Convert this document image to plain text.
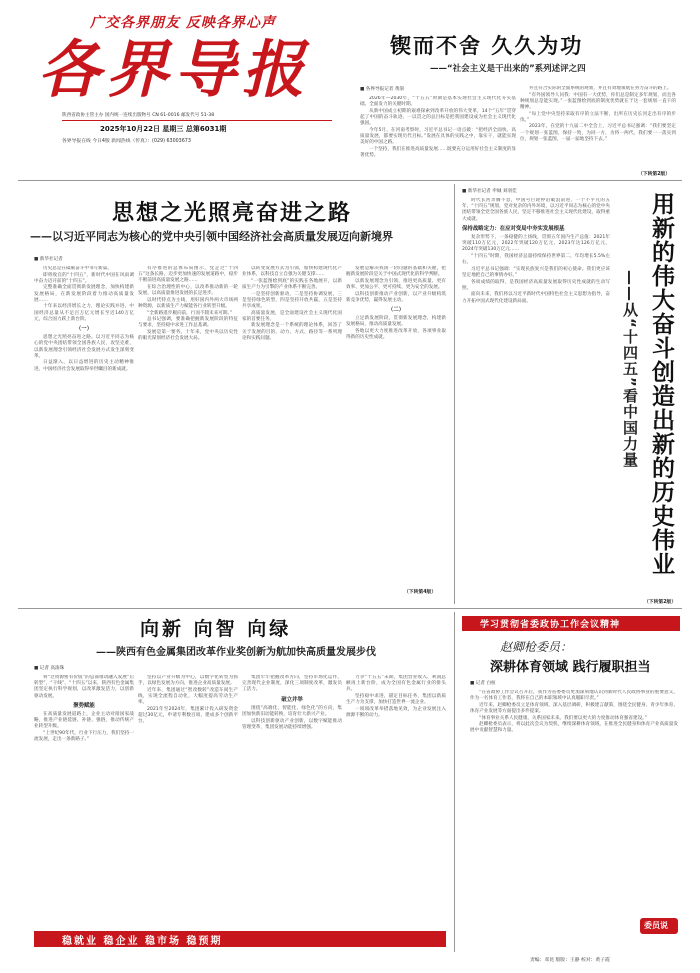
广交各界朋友 反映各界心声
各界导报
陕西省政协主管主办 国内统一连续出版物号 CN 61-0016 邮发代号 51-38
2025年10月22日 星期三 总第6031期
各界导报在线 今日4版 新闻热线（传真）：(029) 63003673
锲而不舍 久久为功
——“社会主义是干出来的”系列述评之四
■ 各界导报记者 黄崩

2026年—2030年，“十五五”时期是基本实现社会主义现代化夯实基础、全面发力的关键时期。

从新中国成立初期的艰难探索到改革开放的伟大变革，14个“五年”贯穿起了中国的奋斗轨迹，一以贯之的总目标是把我国建设成为社会主义现代化强国。

今年5月，在河南考察时，习近平总书记一语点破：“把经济全面快、高质量发展，都要实现历代目标。”发展在具体的实践之中，靠实干，就能实现美好的中国之路。

一个坚持，我们在推进高质量发展……既要充分运用好社会主义制度的显著优势。

并且符合实际的全面系统的规划，并且有效地领航在努力奋斗的路上。

“有外国领导人问我：中国有一大优势，你们总是制定多年规划，而且各种规划总是能实现。”一张蓝图绘到底的制度优势就在于这一套规划一直干的精神。

“每上党中央坚持采取有序的立法不断，出所在历史长河走出有序的步伐。”

2023年，在党的十九届二中全会上，习近平总书记强调：“我们要坚定一个规划一张蓝图，保持一致，为同一方，为将一两代，我们要一一落实到位，规划一张蓝图，一届一届地坚持下去。”

（下转第2版）
思想之光照亮奋进之路
——以习近平同志为核心的党中央引领中国经济社会高质量发展迈向新境界
■ 新华社记者

历史总是在砥砺奋斗中书写新篇。

即将收官的“十四五”，新时代中国在风雨调中奋力迈开前的“十四五”。

完整准确全面贯彻新发展理念，加快构建新发展格局，在新发展阶段着力推动高质量发展……

十年来以经济增长之力，理论实践并进，中国经济总量从不足百万亿元增长至近140万亿元，综合国力跃上新台阶。

（一）

思想之光照亮奋进之路。以习近平同志为核心的党中央团结带领全国各族人民，攻坚克难，以新发展理念引领经济社会发展方式发生深刻变革。

日益渐入，以日益增进的历史主动精神推进，中国经济社会发展取得举世瞩目的新成就。

有序推进的总体布局图示，党走过“十四五”这条长路，迈步更加快速的发展道路中，稳步不断前进高质量发展之路……

在综合治理性的中心，以改革推动新的一轮发展，以高质量推进发展的长足进步。

以时代特点为主线，用好国内外两大市场两种资源，以新质生产力赋能各行业转型升级。

“全新路遥步履向前，行而不辍未来可期。”

总书记强调，要准确把握新发展阶段的特征与要求，坚持稳中求进工作总基调。

发展是第一要务。十年来，党中央以历史性的眼光谋划经济社会发展大局。

以转变发展方式为引领，加快构建现代化产业体系，以科技自立自强为关键支撑……

“一张蓝图绘到底”的实践在各地展开，以新质生产力为引擎的产业体系不断完善。

一是坚持创新驱动，二是坚持协调发展，三是坚持绿色转型，四是坚持开放共赢，五是坚持共享成果。

高质量发展，是全面建设社会主义现代化国家的首要任务。

新发展理念是一个系统的理论体系，回答了关于发展的目的、动力、方式、路径等一系列理论和实践问题。

发展是解决我国一切问题的基础和关键，把握新发展阶段是关于中国式现代化的科学判断。

以新发展理念为引领，推进更高质量、更有效率、更加公平、更可持续、更为安全的发展。

以科技创新推动产业创新，以产业升级构筑新竞争优势，赢得发展主动。

（二）

立足新发展阶段，贯彻新发展理念，构建新发展格局，推动高质量发展。

各地以更大力度推进改革开放，各项事业取得新的历史性成就。

（下转第4版）
■ 新华社记者 申铖 刘羽佳

时代长河奔腾不息，中国号巨轮停泊破浪前进，一个不平凡的五年，“十四五”规划，党对复杂的内外环境，以习近平同志为核心的党中央团结带领全党全国各族人民，坚定不移推进社会主义现代化建设，取得重大成就。

保持战略定力：在应对变局中夯实发展根基

复杂形势下，一条稳健的上扬线，贯彻五年国内生产总值：2021年突破110万亿元，2022年突破120万亿元，2023年达126万亿元，2024年突破130万亿元……

“十四五”时期，我国经济总量持续保持世界第二，年均增长5.5%左右。

习近平总书记强调：“实现民族复兴是我们的初心使命。我们更应该坚定地把自己的事情办好。”

各项成绩的取得，是我国经济高质量发展取得历史性成就的生动写照。

面向未来，我们将以习近平新时代中国特色社会主义思想为指导，奋力开拓中国式现代化建设新局面。	用新的伟大奋斗创造出新的历史伟业
——从“十四五”看中国力量
（下转第2版）
向新 向智 向绿
——陕西有色金属集团改革作业奖创新为航加快高质量发展步伐
■ 记者 高浚珠

将“过资源密有价值”的总部推动融入发展“后转型”，“干线”，“十四五”以来，陕西有色金属集团坚定执行科学规划，以改革激发活力，以创新驱动发展。

聚势赋能

在高质量发展道路上，企业主动对接国家战略，推进产业链延链、补链、强链，推动传统产业转型升级。

“上世纪90年代，行业下行压力，我们坚持一流发展，走出一条新路子。”

坚持以产业升级为中心，以数字化转型为抓手，以绿色发展为方向，推进企业高质量发展。

近年来，集团通过“智改数转”改造车间生产线，实现全流程自动化，大幅度提高劳动生产率。

2021年至2024年，集团累计投入研发资金超过30亿元，申请专利数百项，建成多个创新平台。

集团牢牢把握改革方向，坚持市场化运作，完善现代企业制度，深化三项制度改革，激发员工活力。

破立并举

围绕“高端化、智能化、绿色化”的方向，集团加快新旧动能转换，培育壮大新兴产业。

以科技创新驱动产业创新，以数字赋能推动管理变革，集团发展动能持续增强。

力争“十五五”末期，集团营业收入、利润总额再上新台阶，成为全国有色金属行业的排头兵。

坚持稳中求进，锚定目标任务，集团以新质生产力为支撑，加快打造世界一流企业。

一项项改革举措落地见效，为企业发展注入源源不断的动力。

稳就业 稳企业 稳市场 稳预期
学习贯彻省委政协工作会议精神
赵卿枪委员：
深耕体育领域 践行履职担当
■ 记者 白桓

“在省政协工作会议召开后，我作为省委委员更加深刻地认识到新时代人民政协事业的重要意义，作为一名体育工作者，我将在自己的本职领域中认真履职尽责。”

近年来，赵卿枪委员立足体育领域，深入基层调研，积极建言献策，围绕全民健身、青少年体育、体育产业发展等方面提出多件提案。

“体育事业关系人民健康，关系国家未来。我们要以更大的力度推动体育强省建设。”

赵卿枪委员表示，将以此次会议为契机，继续深耕体育领域，在推进全民健身和体育产业高质量发展中贡献智慧和力量。

委员说
责编：邓昆 版版：王静 校对：黄子霞
